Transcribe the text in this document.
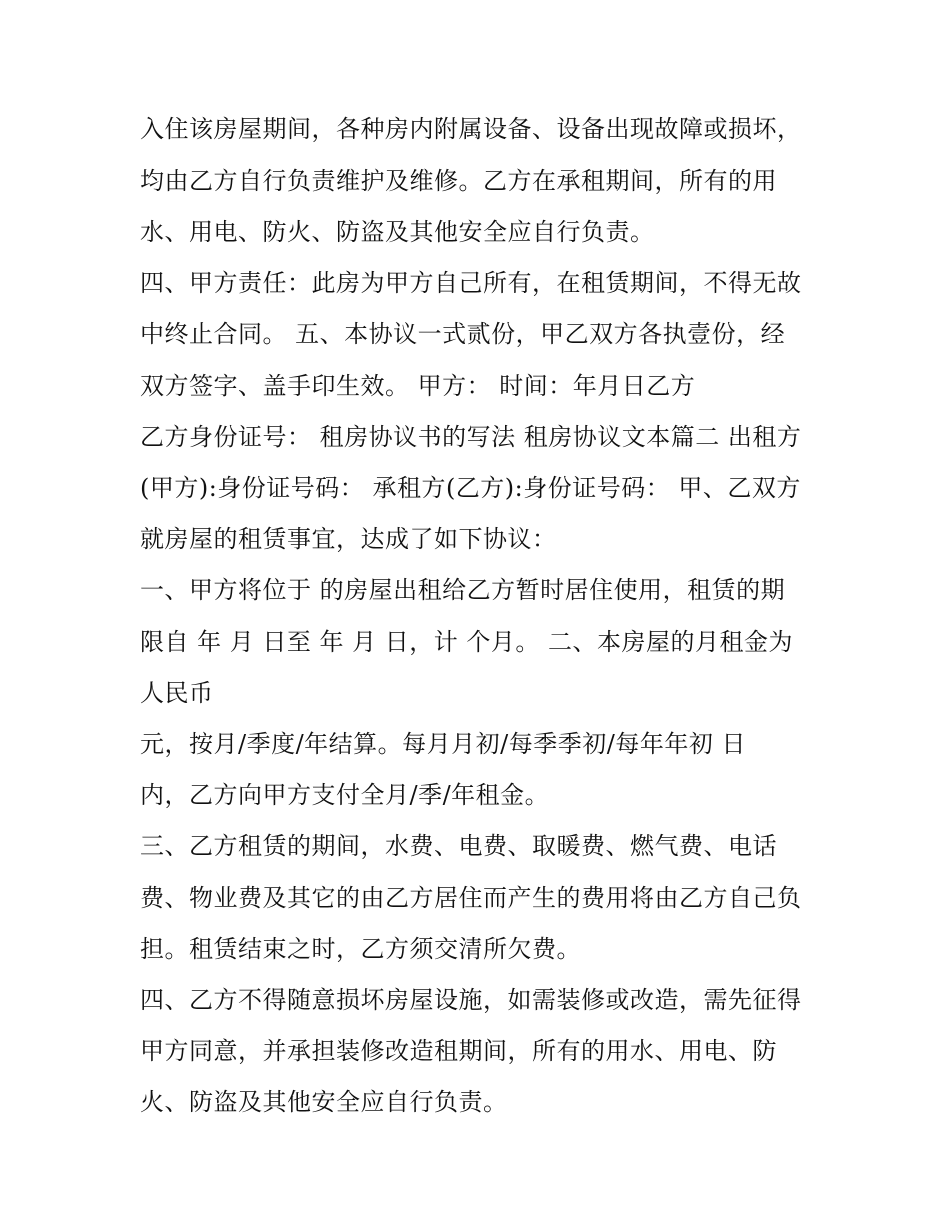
入住该房屋期间，各种房内附属设备、设备出现故障或损坏，
均由乙方自行负责维护及维修。乙方在承租期间，所有的用
水、用电、防火、防盗及其他安全应自行负责。
四、甲方责任：此房为甲方自己所有，在租赁期间，不得无故
中终止合同。 五、本协议一式贰份，甲乙双方各执壹份，经
双方签字、盖手印生效。 甲方： 时间：年月日乙方
乙方身份证号： 租房协议书的写法 租房协议文本篇二 出租方
(甲方):身份证号码： 承租方(乙方):身份证号码： 甲、乙双方
就房屋的租赁事宜，达成了如下协议：
一、甲方将位于 的房屋出租给乙方暂时居住使用，租赁的期
限自 年 月 日至 年 月 日，计 个月。 二、本房屋的月租金为
人民币
元，按月/季度/年结算。每月月初/每季季初/每年年初 日
内，乙方向甲方支付全月/季/年租金。
三、乙方租赁的期间，水费、电费、取暖费、燃气费、电话
费、物业费及其它的由乙方居住而产生的费用将由乙方自己负
担。租赁结束之时，乙方须交清所欠费。
四、乙方不得随意损坏房屋设施，如需装修或改造，需先征得
甲方同意，并承担装修改造租期间，所有的用水、用电、防
火、防盗及其他安全应自行负责。
